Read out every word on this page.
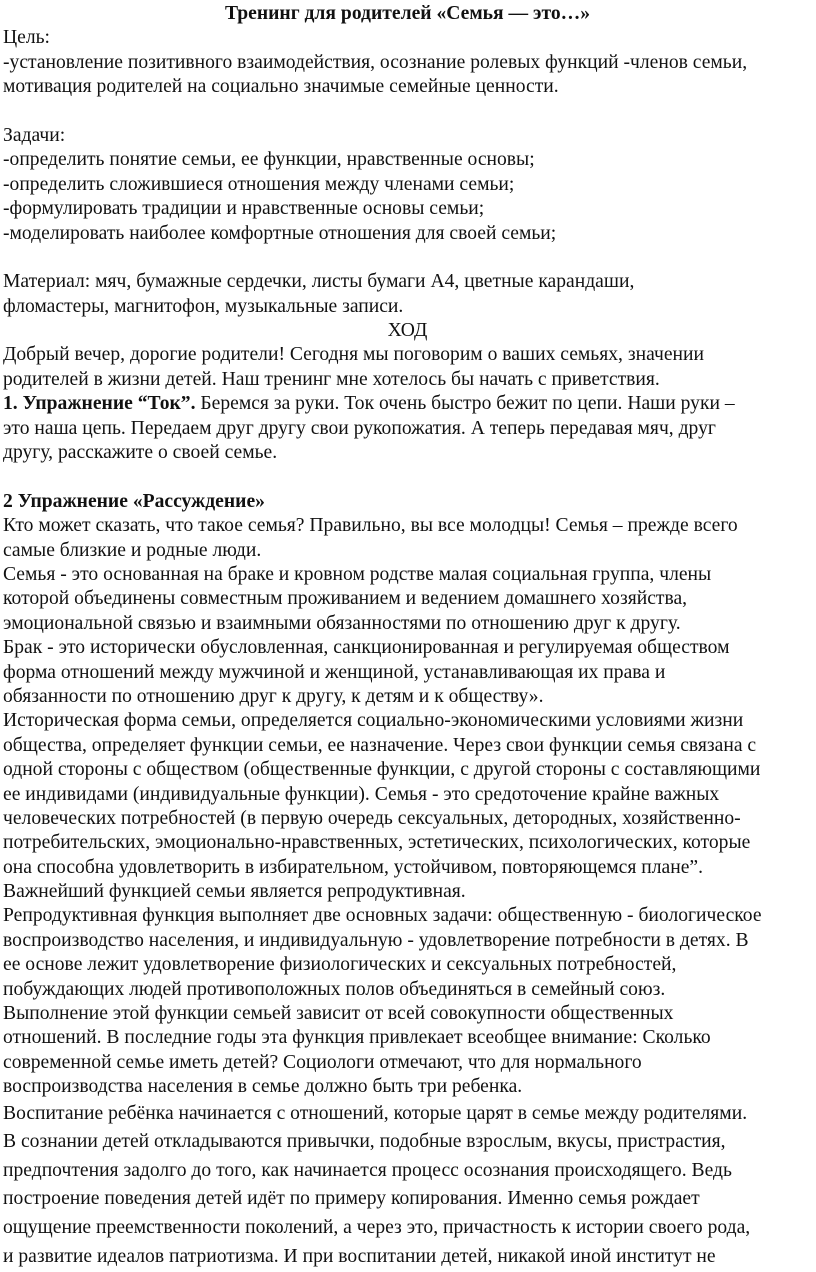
Тренинг для родителей «Семья — это…»
Цель:
-установление позитивного взаимодействия, осознание ролевых функций -членов семьи,
мотивация родителей на социально значимые семейные ценности.
Задачи:
-определить понятие семьи, ее функции, нравственные основы;
-определить сложившиеся отношения между членами семьи;
-формулировать традиции и нравственные основы семьи;
-моделировать наиболее комфортные отношения для своей семьи;
Материал: мяч, бумажные сердечки, листы бумаги А4, цветные карандаши,
фломастеры, магнитофон, музыкальные записи.
ХОД
Добрый вечер, дорогие родители! Сегодня мы поговорим о ваших семьях, значении
родителей в жизни детей. Наш тренинг мне хотелось бы начать с приветствия.
1. Упражнение “Ток”. Беремся за руки. Ток очень быстро бежит по цепи. Наши руки –
это наша цепь. Передаем друг другу свои рукопожатия. А теперь передавая мяч, друг
другу, расскажите о своей семье.
2 Упражнение «Рассуждение»
Кто может сказать, что такое семья? Правильно, вы все молодцы! Семья – прежде всего
самые близкие и родные люди.
Семья - это основанная на браке и кровном родстве малая социальная группа, члены
которой объединены совместным проживанием и ведением домашнего хозяйства,
эмоциональной связью и взаимными обязанностями по отношению друг к другу.
Брак - это исторически обусловленная, санкционированная и регулируемая обществом
форма отношений между мужчиной и женщиной, устанавливающая их права и
обязанности по отношению друг к другу, к детям и к обществу».
Историческая форма семьи, определяется социально-экономическими условиями жизни
общества, определяет функции семьи, ее назначение. Через свои функции семья связана с
одной стороны с обществом (общественные функции, с другой стороны с составляющими
ее индивидами (индивидуальные функции). Семья - это средоточение крайне важных
человеческих потребностей (в первую очередь сексуальных, детородных, хозяйственно-
потребительских, эмоционально-нравственных, эстетических, психологических, которые
она способна удовлетворить в избирательном, устойчивом, повторяющемся плане”.
Важнейший функцией семьи является репродуктивная.
Репродуктивная функция выполняет две основных задачи: общественную - биологическое
воспроизводство населения, и индивидуальную - удовлетворение потребности в детях. В
ее основе лежит удовлетворение физиологических и сексуальных потребностей,
побуждающих людей противоположных полов объединяться в семейный союз.
Выполнение этой функции семьей зависит от всей совокупности общественных
отношений. В последние годы эта функция привлекает всеобщее внимание: Сколько
современной семье иметь детей? Социологи отмечают, что для нормального
воспроизводства населения в семье должно быть три ребенка.
Воспитание ребёнка начинается с отношений, которые царят в семье между родителями.
В сознании детей откладываются привычки, подобные взрослым, вкусы, пристрастия,
предпочтения задолго до того, как начинается процесс осознания происходящего. Ведь
построение поведения детей идёт по примеру копирования. Именно семья рождает
ощущение преемственности поколений, а через это, причастность к истории своего рода,
и развитие идеалов патриотизма. И при воспитании детей, никакой иной институт не
